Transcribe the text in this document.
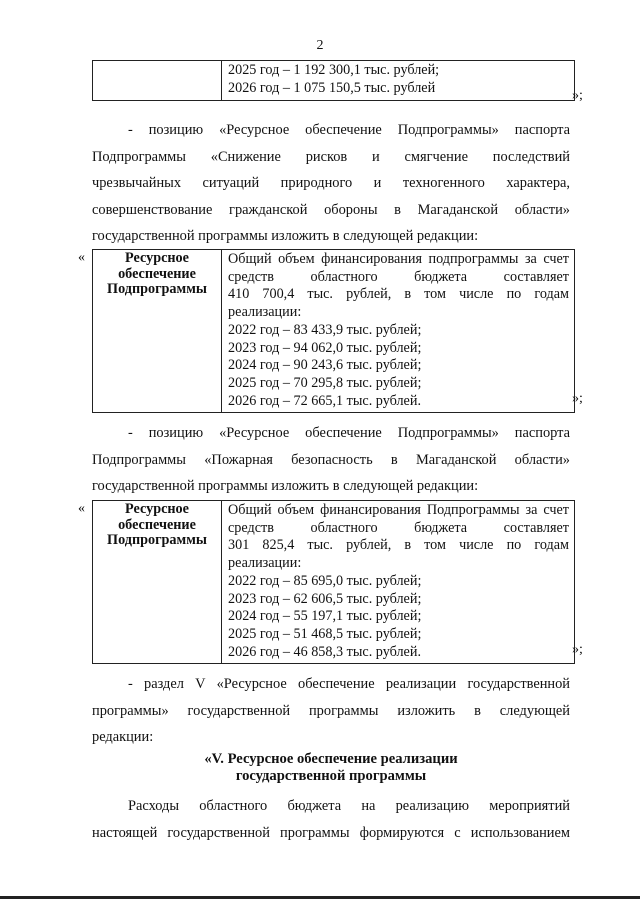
2

2025 год – 1 192 300,1 тыс. рублей;
2026 год – 1 075 150,5 тыс. рублей	»;
- позицию «Ресурсное обеспечение Подпрограммы» паспорта
Подпрограммы «Снижение рисков и смягчение последствий
чрезвычайных ситуаций природного и техногенного характера,
совершенствование гражданской обороны в Магаданской области»
государственной программы изложить в следующей редакции:
«	Ресурсное обеспечение Подпрограммы	
Общий объем финансирования подпрограммы за счет
средств областного бюджета составляет
410 700,4 тыс. рублей, в том числе по годам
реализации:
2022 год – 83 433,9 тыс. рублей;
2023 год – 94 062,0 тыс. рублей;
2024 год – 90 243,6 тыс. рублей;
2025 год – 70 295,8 тыс. рублей;
2026 год – 72 665,1 тыс. рублей.	»;
- позицию «Ресурсное обеспечение Подпрограммы» паспорта
Подпрограммы «Пожарная безопасность в Магаданской области»
государственной программы изложить в следующей редакции:
«	Ресурсное обеспечение Подпрограммы	
Общий объем финансирования Подпрограммы за счет
средств областного бюджета составляет
301 825,4 тыс. рублей, в том числе по годам
реализации:
2022 год – 85 695,0 тыс. рублей;
2023 год – 62 606,5 тыс. рублей;
2024 год – 55 197,1 тыс. рублей;
2025 год – 51 468,5 тыс. рублей;
2026 год – 46 858,3 тыс. рублей.	»;
- раздел V «Ресурсное обеспечение реализации государственной
программы» государственной программы изложить в следующей
редакции:
«V. Ресурсное обеспечение реализации
государственной программы
Расходы областного бюджета на реализацию мероприятий
настоящей государственной программы формируются с использованием
